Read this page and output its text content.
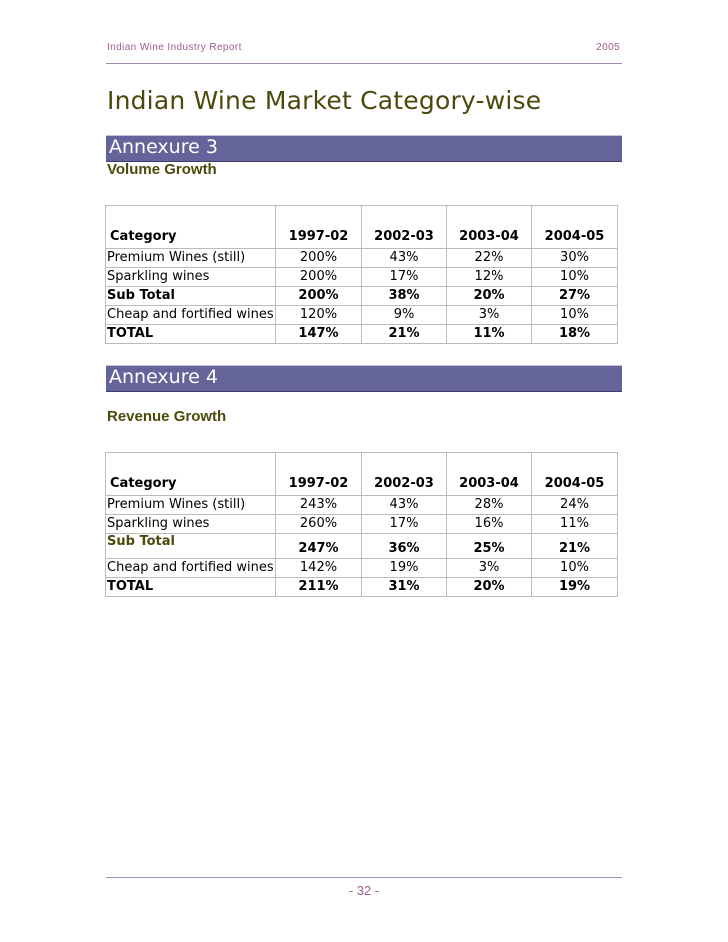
Indian Wine Industry Report	2005
Indian Wine Market Category-wise
Annexure 3
Volume Growth
Category	1997-02	2002-03	2003-04	2004-05
Premium Wines (still)	200%	43%	22%	30%
Sparkling wines	200%	17%	12%	10%
Sub Total	200%	38%	20%	27%
Cheap and fortified wines	120%	9%	3%	10%
TOTAL	147%	21%	11%	18%
Annexure 4
Revenue Growth
Category	1997-02	2002-03	2003-04	2004-05
Premium Wines (still)	243%	43%	28%	24%
Sparkling wines	260%	17%	16%	11%
Sub Total	247%	36%	25%	21%
Cheap and fortified wines	142%	19%	3%	10%
TOTAL	211%	31%	20%	19%
- 32 -
